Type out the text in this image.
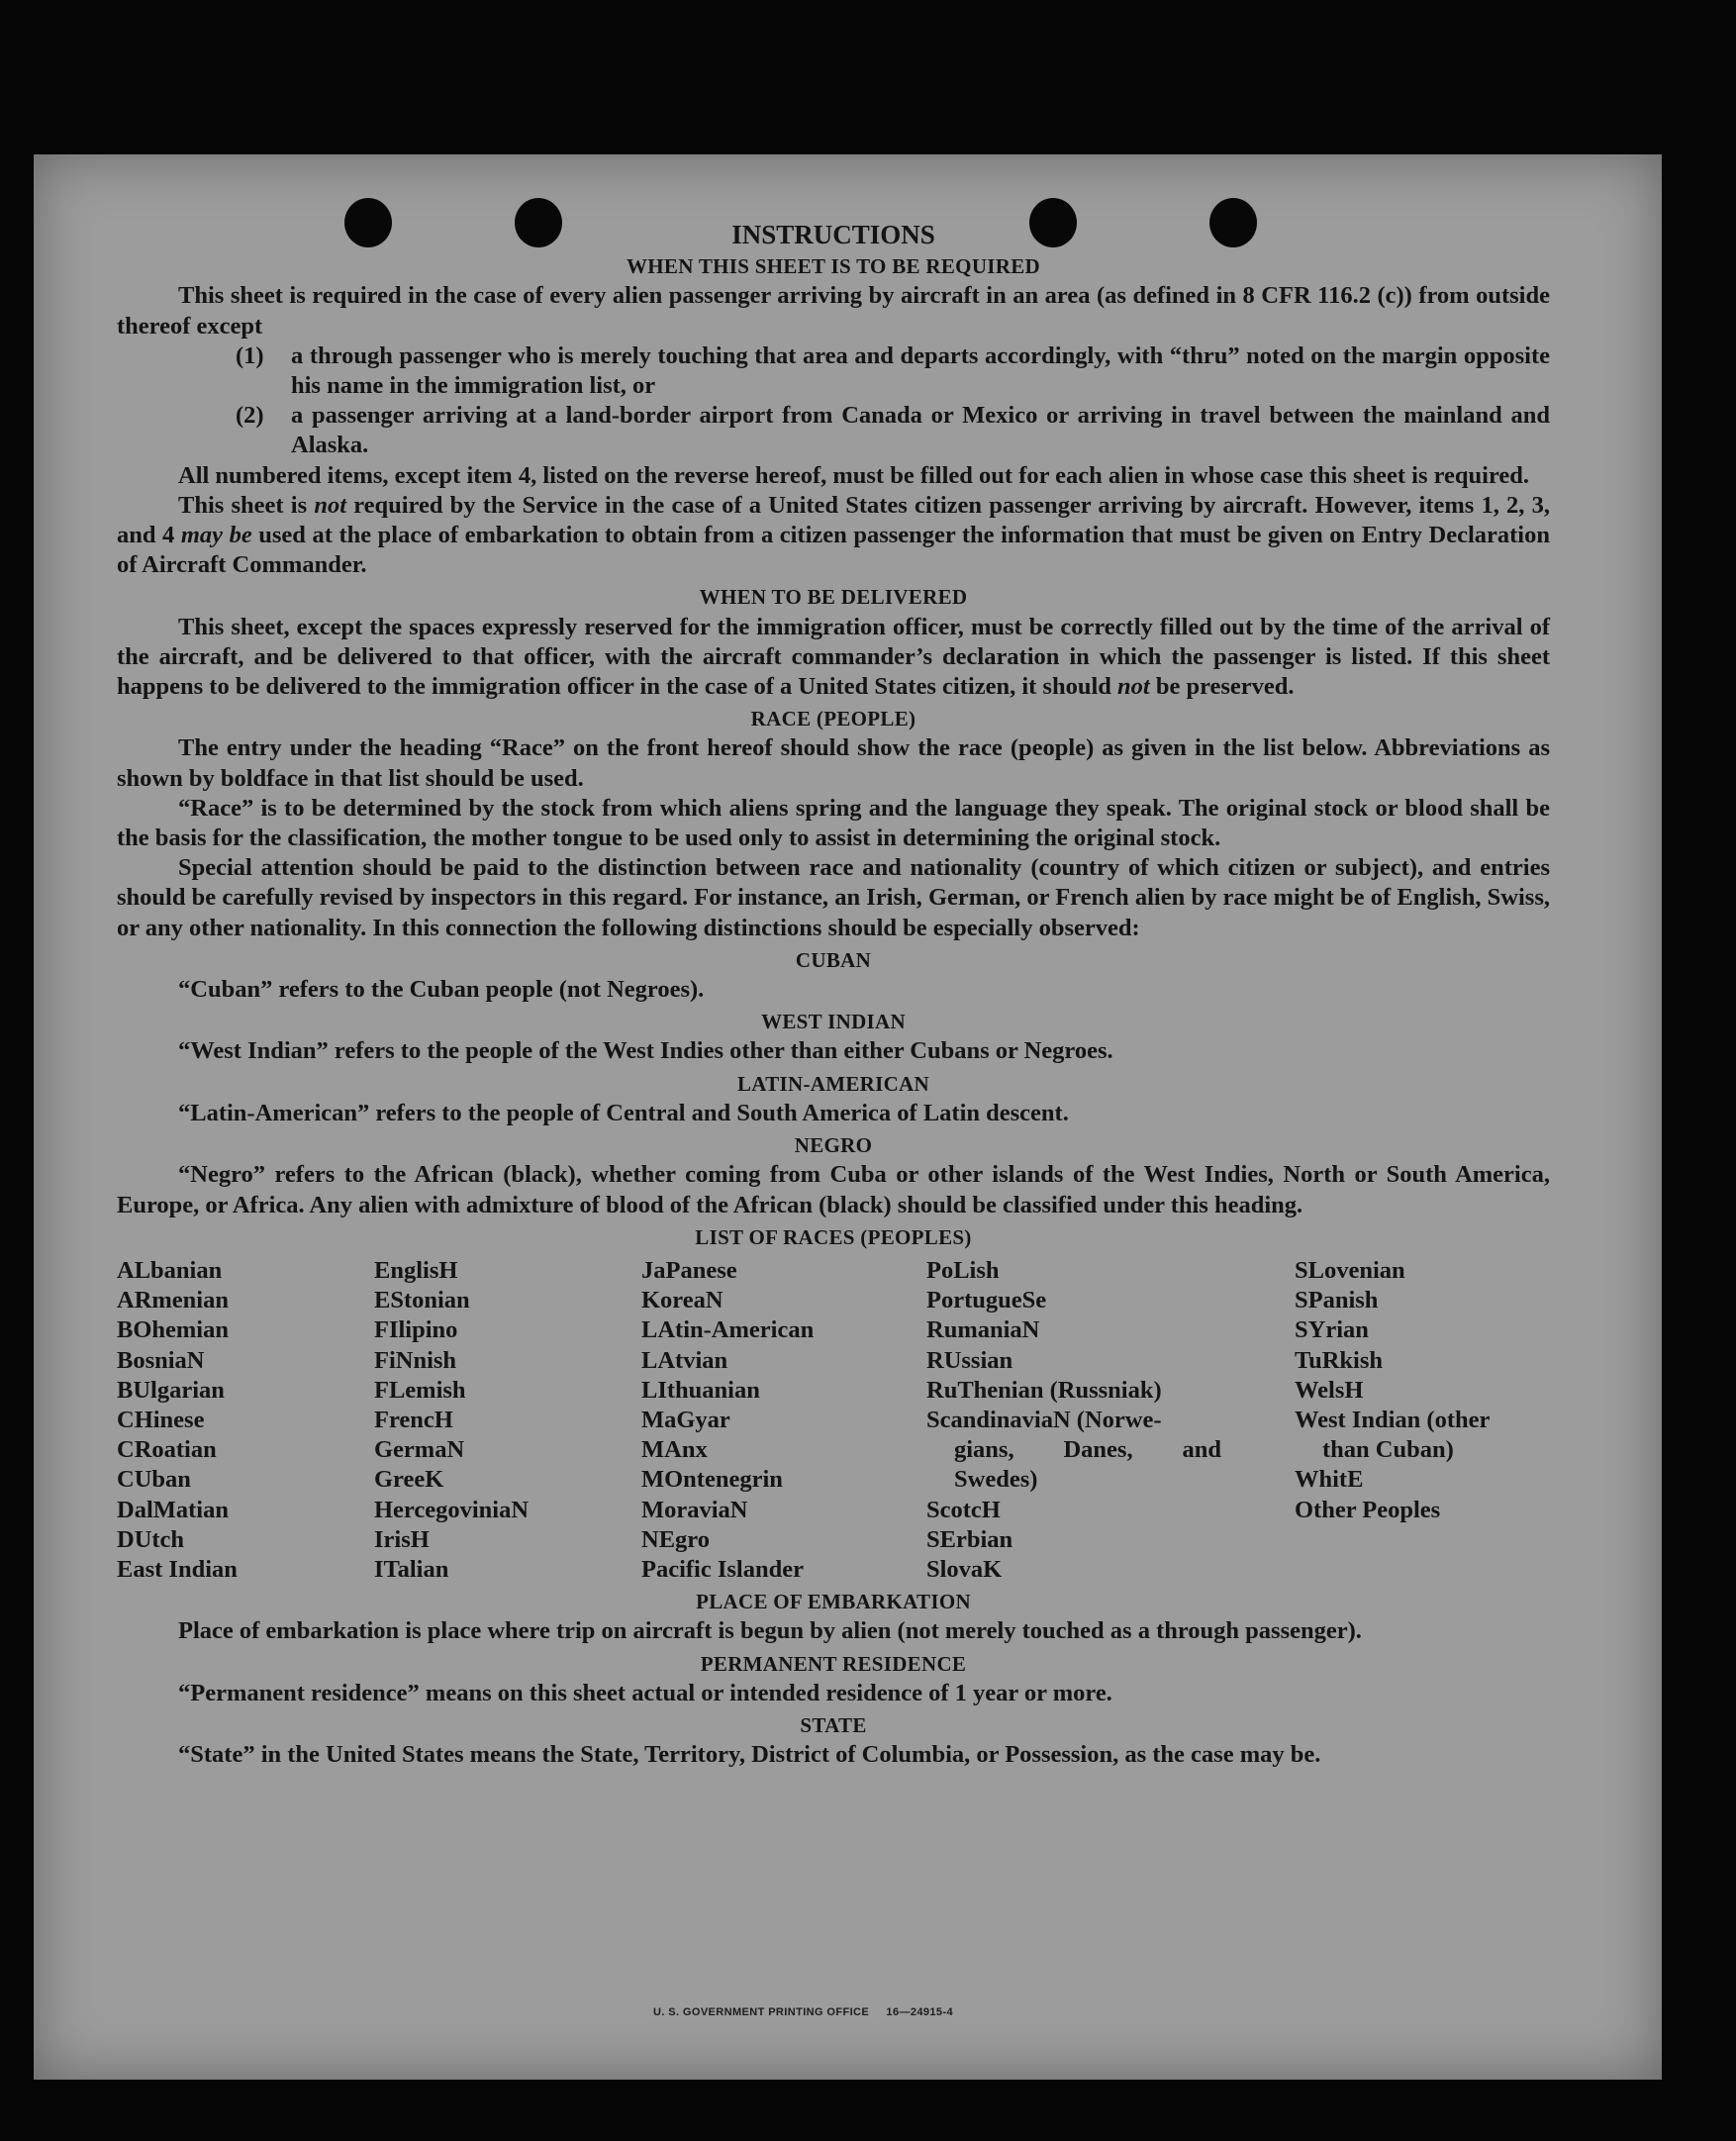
INSTRUCTIONS
WHEN THIS SHEET IS TO BE REQUIRED

This sheet is required in the case of every alien passenger arriving by aircraft in an area (as defined in 8 CFR 116.2 (c)) from outside thereof except

(1) a through passenger who is merely touching that area and departs accordingly, with “thru” noted on the margin opposite his name in the immigration list, or
(2) a passenger arriving at a land-border airport from Canada or Mexico or arriving in travel between the mainland and Alaska.

All numbered items, except item 4, listed on the reverse hereof, must be filled out for each alien in whose case this sheet is required.

This sheet is not required by the Service in the case of a United States citizen passenger arriving by aircraft. However, items 1, 2, 3, and 4 may be used at the place of embarkation to obtain from a citizen passenger the information that must be given on Entry Declaration of Aircraft Commander.

WHEN TO BE DELIVERED

This sheet, except the spaces expressly reserved for the immigration officer, must be correctly filled out by the time of the arrival of the aircraft, and be delivered to that officer, with the aircraft commander’s declaration in which the passenger is listed. If this sheet happens to be delivered to the immigration officer in the case of a United States citizen, it should not be preserved.

RACE (PEOPLE)

The entry under the heading “Race” on the front hereof should show the race (people) as given in the list below. Abbreviations as shown by boldface in that list should be used.

“Race” is to be determined by the stock from which aliens spring and the language they speak. The original stock or blood shall be the basis for the classification, the mother tongue to be used only to assist in determining the original stock.

Special attention should be paid to the distinction between race and nationality (country of which citizen or subject), and entries should be carefully revised by inspectors in this regard. For instance, an Irish, German, or French alien by race might be of English, Swiss, or any other nationality. In this connection the following distinctions should be especially observed:

CUBAN

“Cuban” refers to the Cuban people (not Negroes).

WEST INDIAN

“West Indian” refers to the people of the West Indies other than either Cubans or Negroes.

LATIN-AMERICAN

“Latin-American” refers to the people of Central and South America of Latin descent.

NEGRO

“Negro” refers to the African (black), whether coming from Cuba or other islands of the West Indies, North or South America, Europe, or Africa. Any alien with admixture of blood of the African (black) should be classified under this heading.

LIST OF RACES (PEOPLES)
ALbanian
ARmenian
BOhemian
BosniaN
BUlgarian
CHinese
CRoatian
CUban
DalMatian
DUtch
East Indian
EnglisH
EStonian
FIlipino
FiNnish
FLemish
FrencH
GermaN
GreeK
HercegoviniaN
IrisH
ITalian
JaPanese
KoreaN
LAtin-American
LAtvian
LIthuanian
MaGyar
MAnx
MOntenegrin
MoraviaN
NEgro
Pacific Islander
PoLish
PortugueSe
RumaniaN
RUssian
RuThenian (Russniak)
ScandinaviaN (Norwe-
gians, Danes, and
Swedes)
ScotcH
SErbian
SlovaK
SLovenian
SPanish
SYrian
TuRkish
WelsH
West Indian (other
than Cuban)
WhitE
Other Peoples
PLACE OF EMBARKATION

Place of embarkation is place where trip on aircraft is begun by alien (not merely touched as a through passenger).

PERMANENT RESIDENCE

“Permanent residence” means on this sheet actual or intended residence of 1 year or more.

STATE

“State” in the United States means the State, Territory, District of Columbia, or Possession, as the case may be.

U. S. GOVERNMENT PRINTING OFFICE     16—24915-4
